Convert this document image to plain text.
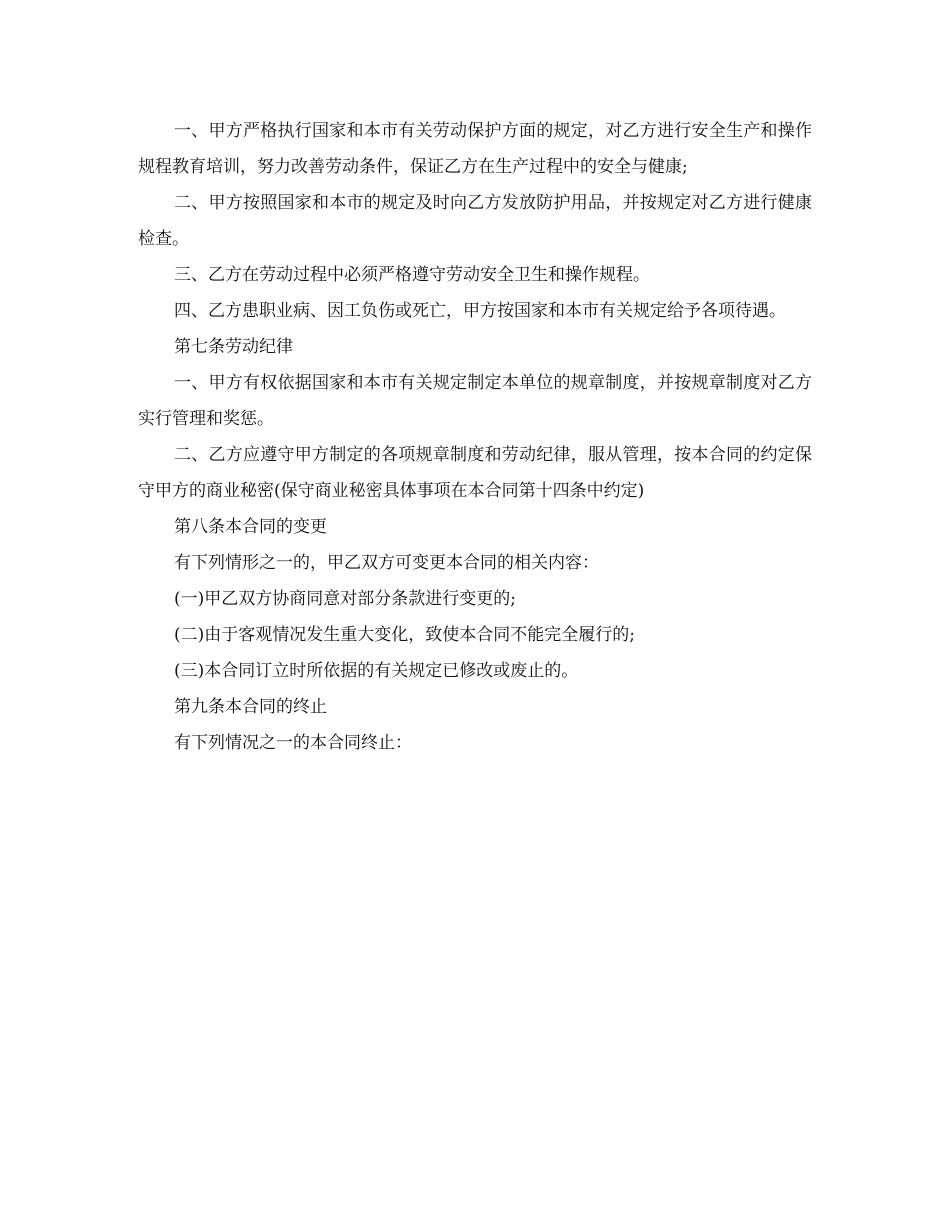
一、甲方严格执行国家和本市有关劳动保护方面的规定，对乙方进行安全生产和操作规程教育培训，努力改善劳动条件，保证乙方在生产过程中的安全与健康;

二、甲方按照国家和本市的规定及时向乙方发放防护用品，并按规定对乙方进行健康检查。

三、乙方在劳动过程中必须严格遵守劳动安全卫生和操作规程。

四、乙方患职业病、因工负伤或死亡，甲方按国家和本市有关规定给予各项待遇。

第七条劳动纪律

一、甲方有权依据国家和本市有关规定制定本单位的规章制度，并按规章制度对乙方实行管理和奖惩。

二、乙方应遵守甲方制定的各项规章制度和劳动纪律，服从管理，按本合同的约定保守甲方的商业秘密(保守商业秘密具体事项在本合同第十四条中约定)

第八条本合同的变更

有下列情形之一的，甲乙双方可变更本合同的相关内容：

(一)甲乙双方协商同意对部分条款进行变更的;

(二)由于客观情况发生重大变化，致使本合同不能完全履行的;

(三)本合同订立时所依据的有关规定已修改或废止的。

第九条本合同的终止

有下列情况之一的本合同终止：
